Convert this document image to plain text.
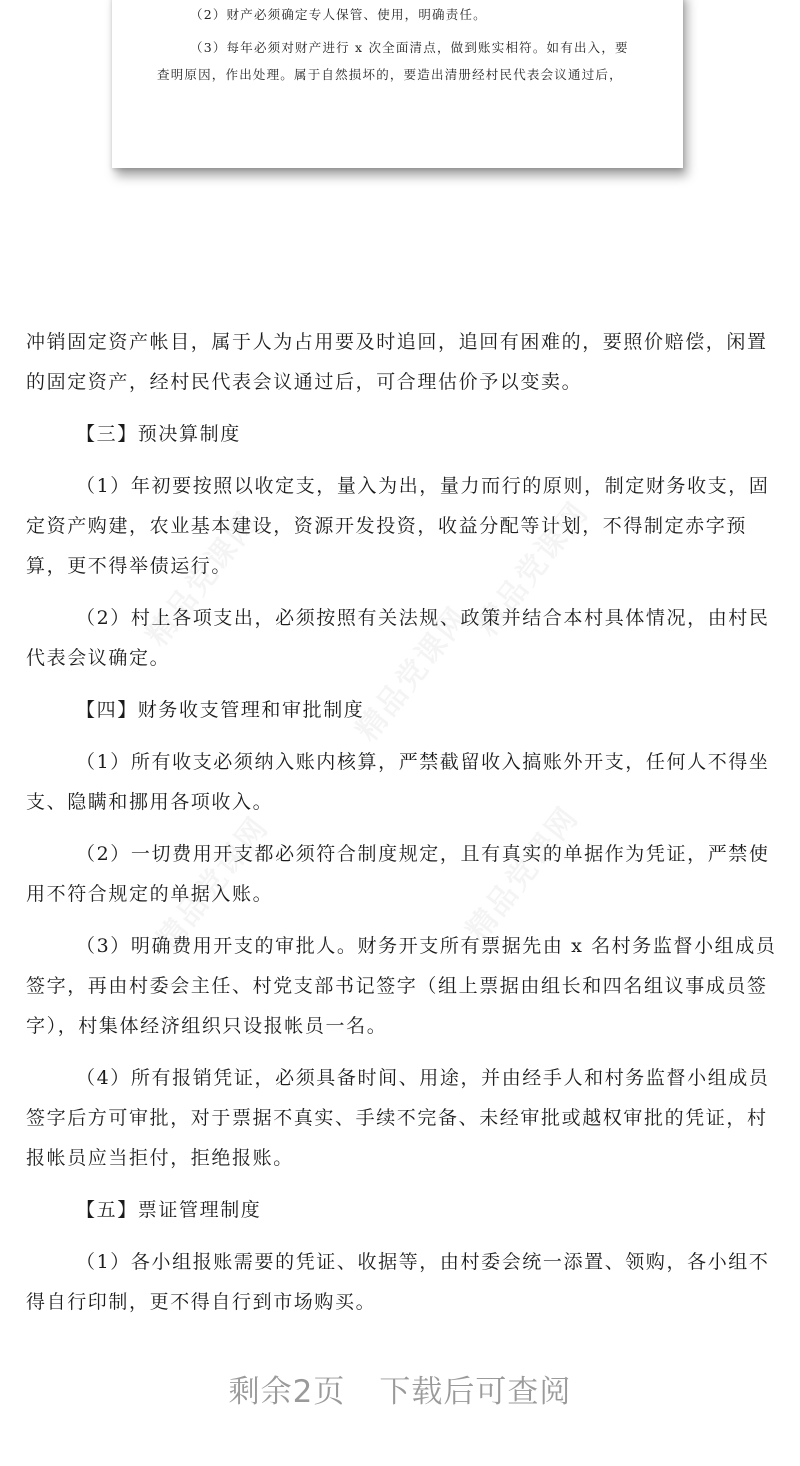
（2）财产必须确定专人保管、使用，明确责任。
（3）每年必须对财产进行 x 次全面清点，做到账实相符。如有出入，要
查明原因，作出处理。属于自然损坏的，要造出清册经村民代表会议通过后，

冲销固定资产帐目，属于人为占用要及时追回，追回有困难的，要照价赔偿，闲置的固定资产，经村民代表会议通过后，可合理估价予以变卖。

【三】预决算制度

（1）年初要按照以收定支，量入为出，量力而行的原则，制定财务收支，固定资产购建，农业基本建设，资源开发投资，收益分配等计划，不得制定赤字预算，更不得举债运行。

（2）村上各项支出，必须按照有关法规、政策并结合本村具体情况，由村民代表会议确定。

【四】财务收支管理和审批制度

（1）所有收支必须纳入账内核算，严禁截留收入搞账外开支，任何人不得坐支、隐瞒和挪用各项收入。

（2）一切费用开支都必须符合制度规定，且有真实的单据作为凭证，严禁使用不符合规定的单据入账。

（3）明确费用开支的审批人。财务开支所有票据先由 x 名村务监督小组成员签字，再由村委会主任、村党支部书记签字（组上票据由组长和四名组议事成员签字），村集体经济组织只设报帐员一名。

（4）所有报销凭证，必须具备时间、用途，并由经手人和村务监督小组成员签字后方可审批，对于票据不真实、手续不完备、未经审批或越权审批的凭证，村报帐员应当拒付，拒绝报账。

【五】票证管理制度

（1）各小组报账需要的凭证、收据等，由村委会统一添置、领购，各小组不得自行印制，更不得自行到市场购买。

剩余2页 下载后可查阅
